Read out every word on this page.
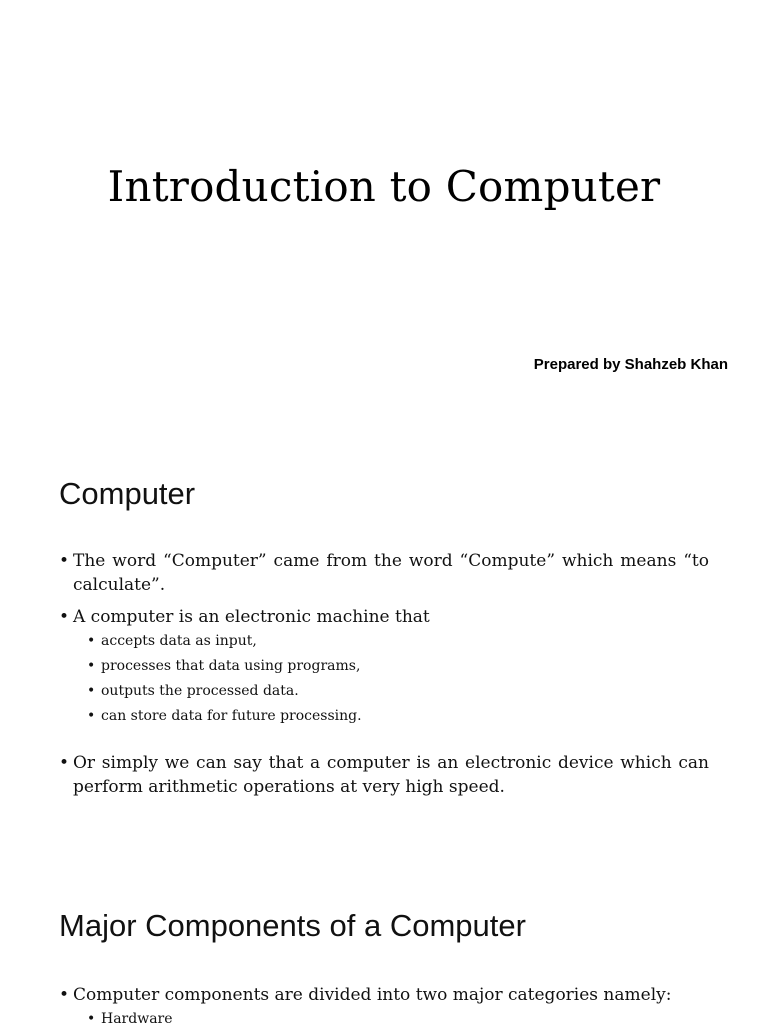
Introduction to Computer

Prepared by Shahzeb Khan

Computer
• The word “Computer” came from the word “Compute” which means “to calculate”.
• A computer is an electronic machine that
• accepts data as input,
• processes that data using programs,
• outputs the processed data.
• can store data for future processing.
• Or simply we can say that a computer is an electronic device which can perform arithmetic operations at very high speed.
Major Components of a Computer
• Computer components are divided into two major categories namely:
• Hardware
